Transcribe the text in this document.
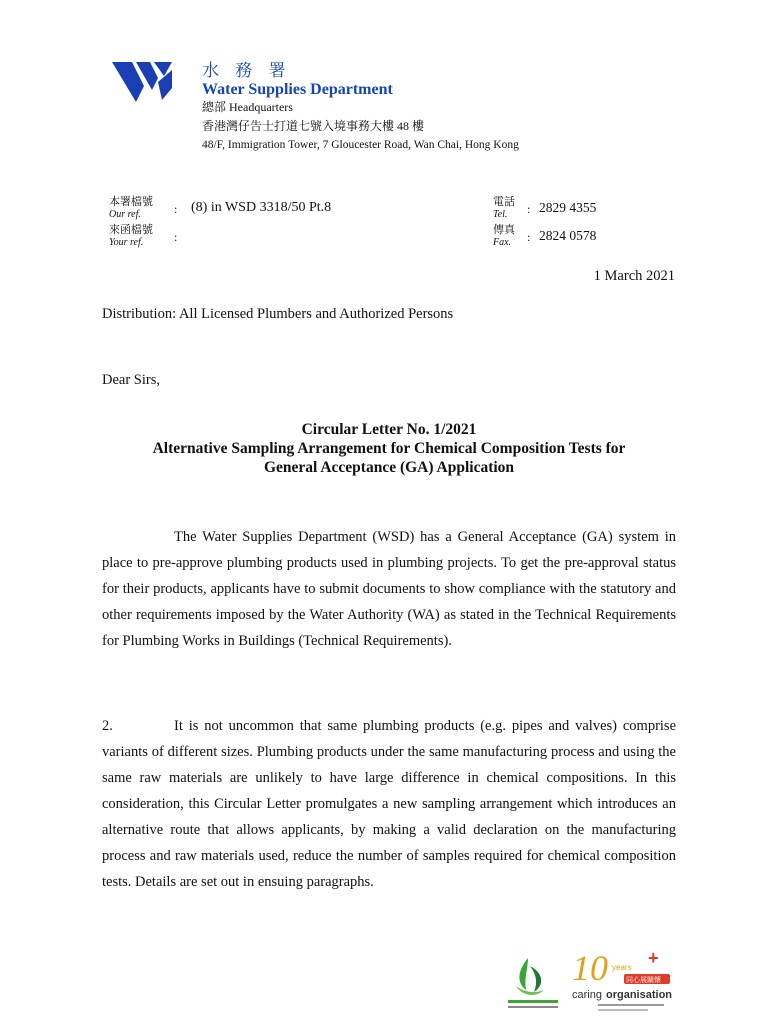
水 務 署
Water Supplies Department
總部 Headquarters
香港灣仔告士打道七號入境事務大樓 48 樓
48/F, Immigration Tower, 7 Gloucester Road, Wan Chai, Hong Kong
本署檔號
Our ref.	: (8) in WSD 3318/50 Pt.8
來函檔號
Your ref.	:
電話
Tel. : 2829 4355
傳真
Fax. : 2824 0578
1 March 2021
Distribution: All Licensed Plumbers and Authorized Persons
Dear Sirs,
Circular Letter No. 1/2021
Alternative Sampling Arrangement for Chemical Composition Tests for
General Acceptance (GA) Application
The Water Supplies Department (WSD) has a General Acceptance (GA) system in place to pre-approve plumbing products used in plumbing projects. To get the pre-approval status for their products, applicants have to submit documents to show compliance with the statutory and other requirements imposed by the Water Authority (WA) as stated in the Technical Requirements for Plumbing Works in Buildings (Technical Requirements).
2.	It is not uncommon that same plumbing products (e.g. pipes and valves) comprise variants of different sizes. Plumbing products under the same manufacturing process and using the same raw materials are unlikely to have large difference in chemical compositions. In this consideration, this Circular Letter promulgates a new sampling arrangement which introduces an alternative route that allows applicants, by making a valid declaration on the manufacturing process and raw materials used, reduce the number of samples required for chemical composition tests. Details are set out in ensuing paragraphs.
10 years +
同心展關懷
caring organisation
